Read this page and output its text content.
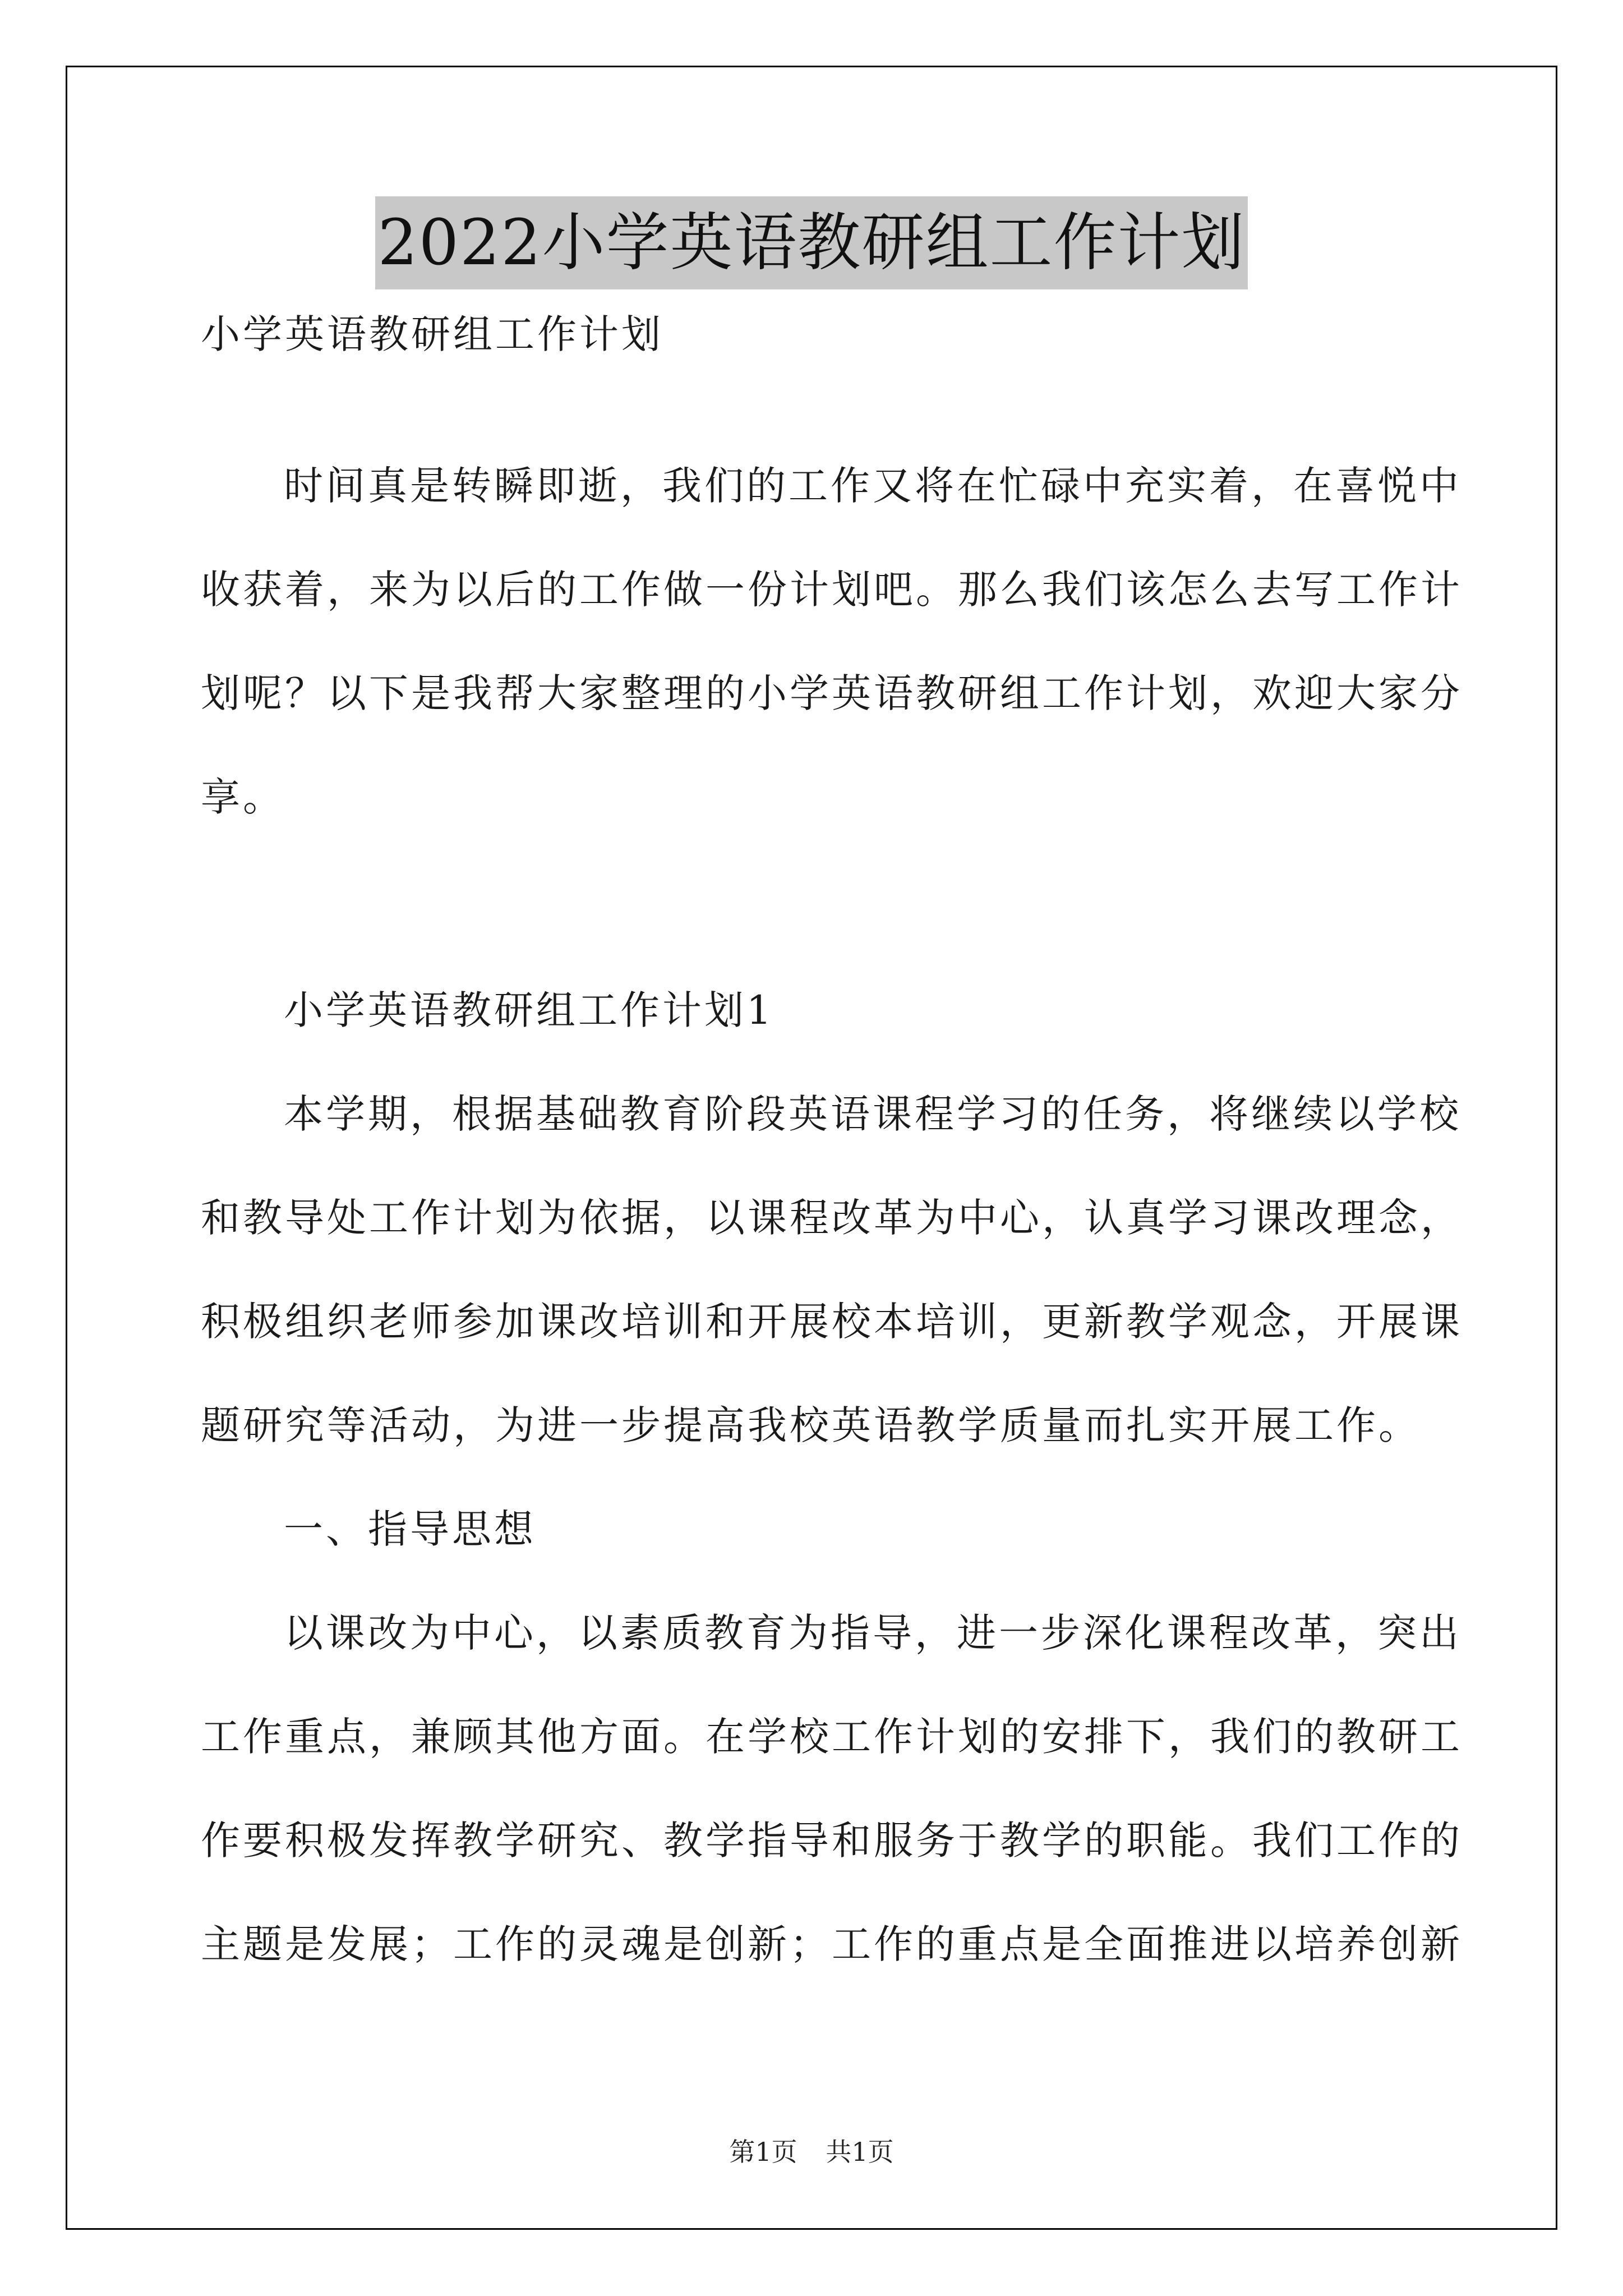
2022小学英语教研组工作计划
小学英语教研组工作计划
时间真是转瞬即逝，我们的工作又将在忙碌中充实着，在喜悦中
收获着，来为以后的工作做一份计划吧。那么我们该怎么去写工作计
划呢？以下是我帮大家整理的小学英语教研组工作计划，欢迎大家分
享。
小学英语教研组工作计划1
本学期，根据基础教育阶段英语课程学习的任务，将继续以学校
和教导处工作计划为依据，以课程改革为中心，认真学习课改理念，
积极组织老师参加课改培训和开展校本培训，更新教学观念，开展课
题研究等活动，为进一步提高我校英语教学质量而扎实开展工作。
一、指导思想
以课改为中心，以素质教育为指导，进一步深化课程改革，突出
工作重点，兼顾其他方面。在学校工作计划的安排下，我们的教研工
作要积极发挥教学研究、教学指导和服务于教学的职能。我们工作的
主题是发展；工作的灵魂是创新；工作的重点是全面推进以培养创新
第1页 共1页
